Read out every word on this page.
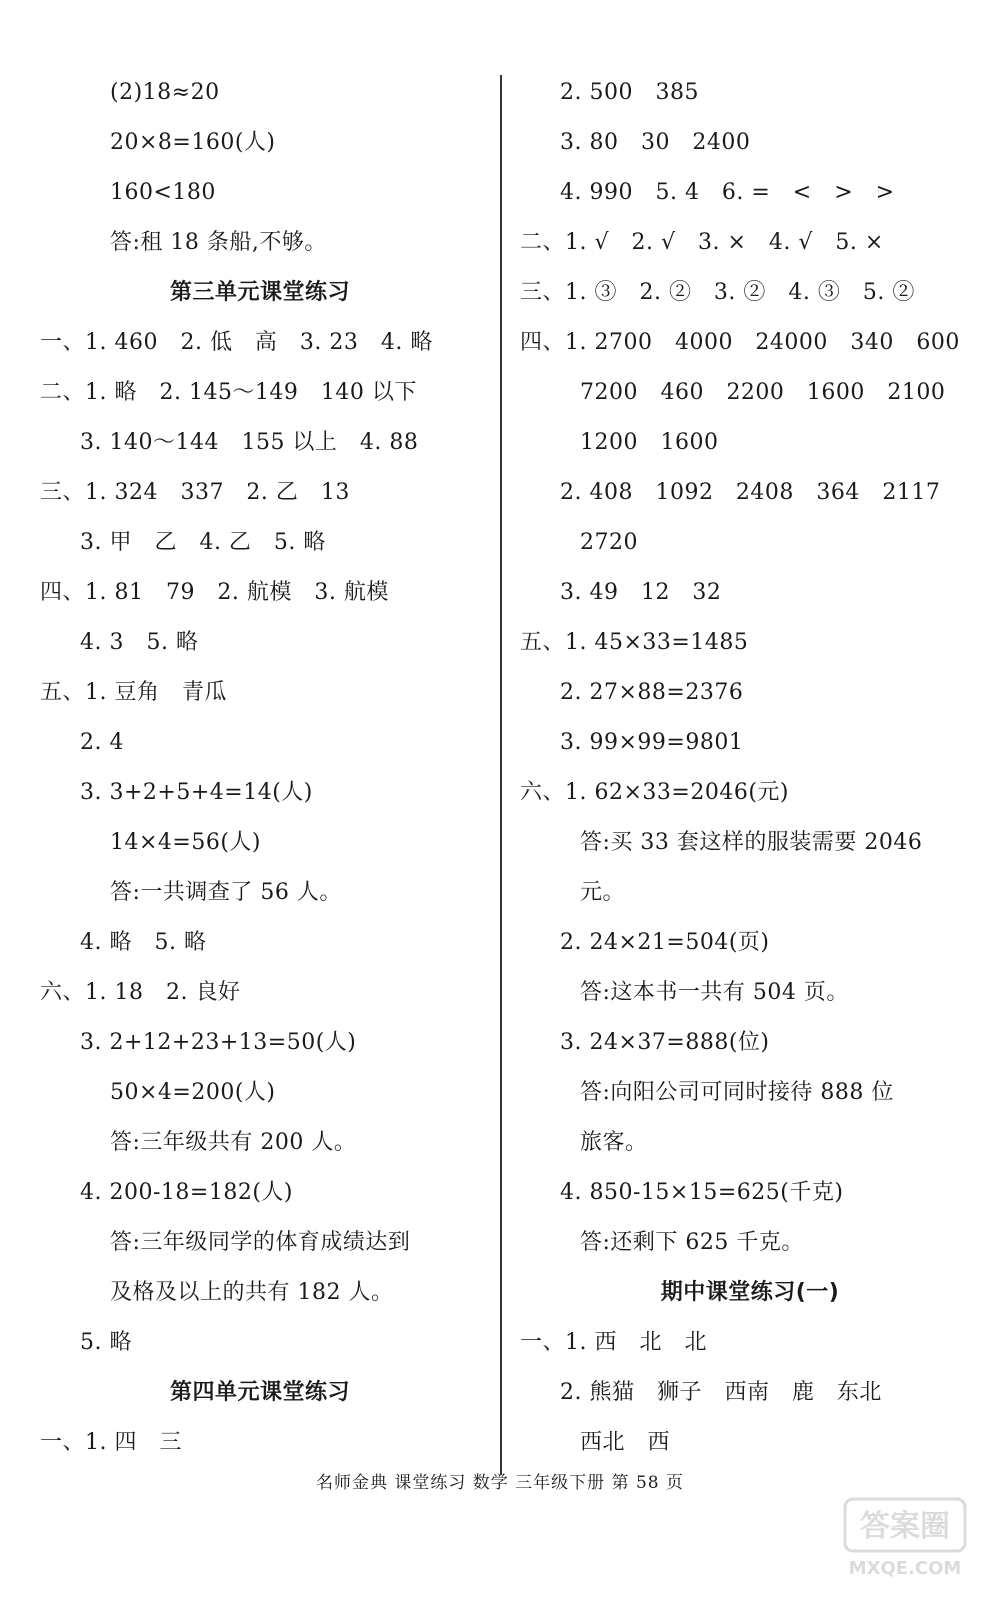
(2)18≈20
20×8=160(人)
160<180
答:租 18 条船,不够。
第三单元课堂练习
一、1. 460   2. 低   高   3. 23   4. 略
二、1. 略   2. 145～149   140 以下
3. 140～144   155 以上   4. 88
三、1. 324   337   2. 乙   13
3. 甲   乙   4. 乙   5. 略
四、1. 81   79   2. 航模   3. 航模
4. 3   5. 略
五、1. 豆角   青瓜
2. 4
3. 3+2+5+4=14(人)
14×4=56(人)
答:一共调查了 56 人。
4. 略   5. 略
六、1. 18   2. 良好
3. 2+12+23+13=50(人)
50×4=200(人)
答:三年级共有 200 人。
4. 200-18=182(人)
答:三年级同学的体育成绩达到
及格及以上的共有 182 人。
5. 略
第四单元课堂练习
一、1. 四   三
2. 500   385
3. 80   30   2400
4. 990   5. 4   6. =   <   >   >
二、1. √   2. √   3. ×   4. √   5. ×
三、1. ③   2. ②   3. ②   4. ③   5. ②
四、1. 2700   4000   24000   340   600
7200   460   2200   1600   2100
1200   1600
2. 408   1092   2408   364   2117
2720
3. 49   12   32
五、1. 45×33=1485
2. 27×88=2376
3. 99×99=9801
六、1. 62×33=2046(元)
答:买 33 套这样的服装需要 2046
元。
2. 24×21=504(页)
答:这本书一共有 504 页。
3. 24×37=888(位)
答:向阳公司可同时接待 888 位
旅客。
4. 850-15×15=625(千克)
答:还剩下 625 千克。
期中课堂练习(一)
一、1. 西   北   北
2. 熊猫   狮子   西南   鹿   东北
西北   西
名师金典 课堂练习 数学 三年级下册 第 58 页
答案圈
MXQE.COM
